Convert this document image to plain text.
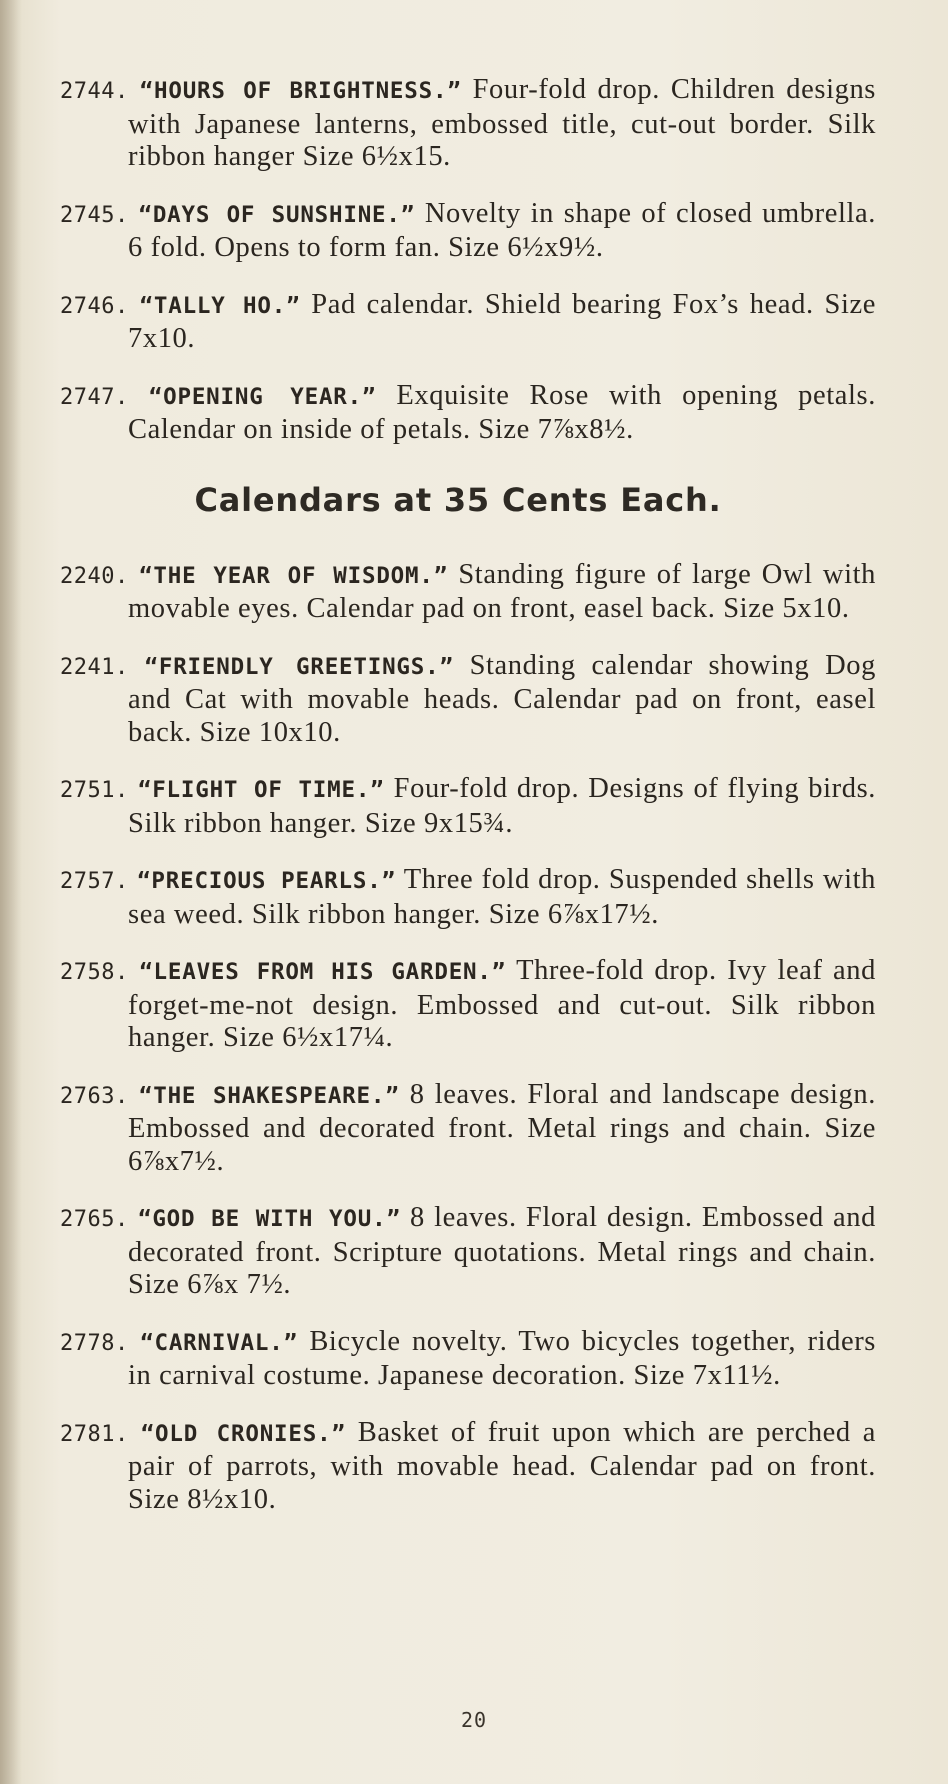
2744. “HOURS OF BRIGHTNESS.” Four-fold drop. Children designs with Japanese lanterns, embossed title, cut-out border. Silk ribbon hanger Size 6½x15.
2745. “DAYS OF SUNSHINE.” Novelty in shape of closed umbrella. 6 fold. Opens to form fan. Size 6½x9½.
2746. “TALLY HO.” Pad calendar. Shield bearing Fox’s head. Size 7x10.
2747. “OPENING YEAR.” Exquisite Rose with opening petals. Calendar on inside of petals. Size 7⅞x8½.
Calendars at 35 Cents Each.
2240. “THE YEAR OF WISDOM.” Standing figure of large Owl with movable eyes. Calendar pad on front, easel back. Size 5x10.
2241. “FRIENDLY GREETINGS.” Standing calendar showing Dog and Cat with movable heads. Calendar pad on front, easel back. Size 10x10.
2751. “FLIGHT OF TIME.” Four-fold drop. Designs of flying birds. Silk ribbon hanger. Size 9x15¾.
2757. “PRECIOUS PEARLS.” Three fold drop. Suspended shells with sea weed. Silk ribbon hanger. Size 6⅞x17½.
2758. “LEAVES FROM HIS GARDEN.” Three-fold drop. Ivy leaf and forget-me-not design. Embossed and cut-out. Silk ribbon hanger. Size 6½x17¼.
2763. “THE SHAKESPEARE.” 8 leaves. Floral and landscape design. Embossed and decorated front. Metal rings and chain. Size 6⅞x7½.
2765. “GOD BE WITH YOU.” 8 leaves. Floral design. Embossed and decorated front. Scripture quotations. Metal rings and chain. Size 6⅞x 7½.
2778. “CARNIVAL.” Bicycle novelty. Two bicycles together, riders in carnival costume. Japanese decoration. Size 7x11½.
2781. “OLD CRONIES.” Basket of fruit upon which are perched a pair of parrots, with movable head. Calendar pad on front. Size 8½x10.
20
